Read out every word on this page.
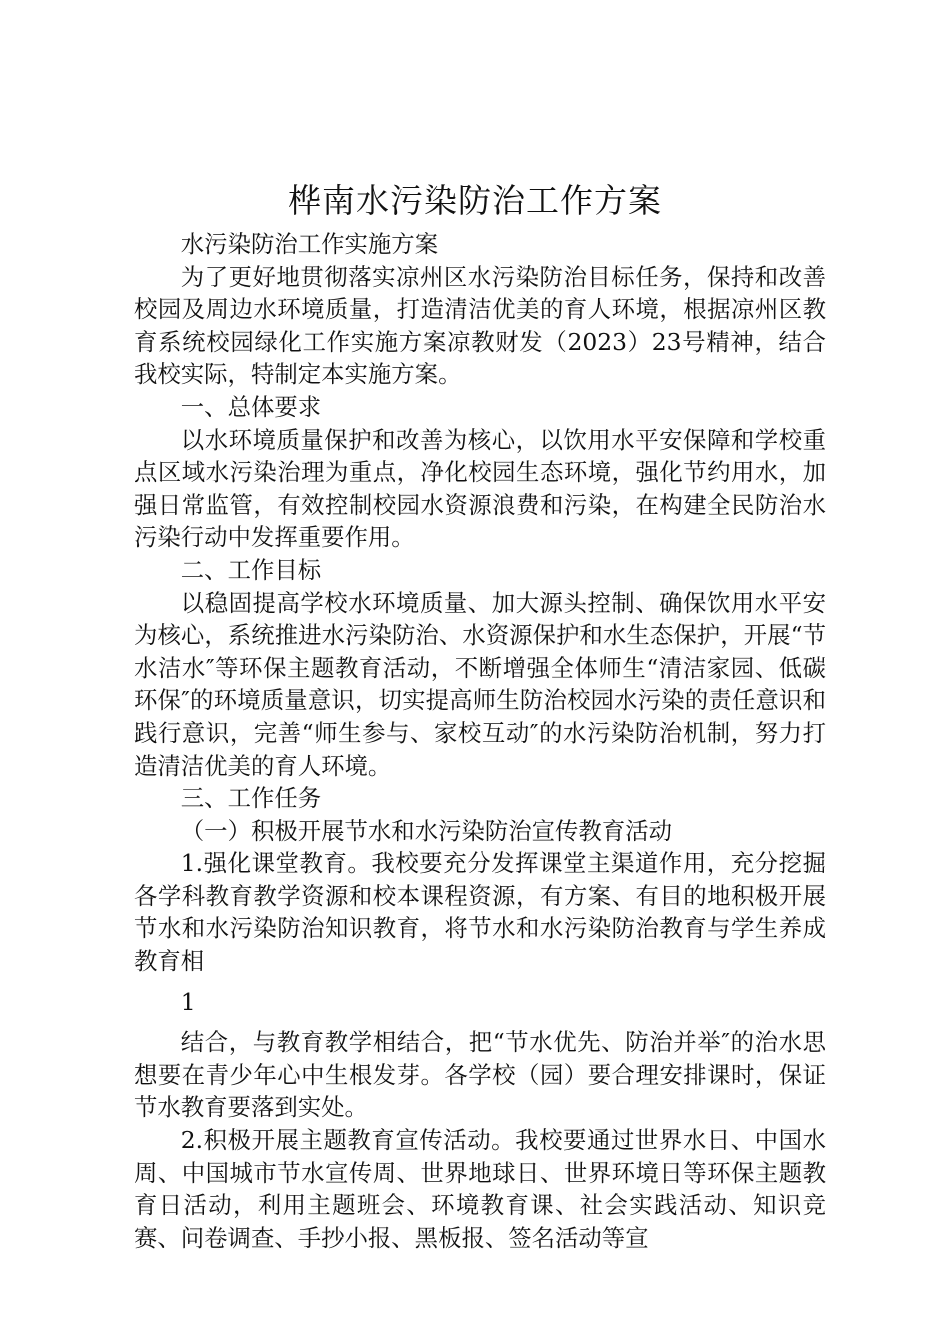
桦南水污染防治工作方案

水污染防治工作实施方案

为了更好地贯彻落实凉州区水污染防治目标任务，保持和改善校园及周边水环境质量，打造清洁优美的育人环境，根据凉州区教育系统校园绿化工作实施方案凉教财发（2023）23号精神，结合我校实际，特制定本实施方案。

一、总体要求

以水环境质量保护和改善为核心，以饮用水平安保障和学校重点区域水污染治理为重点，净化校园生态环境，强化节约用水，加强日常监管，有效控制校园水资源浪费和污染，在构建全民防治水污染行动中发挥重要作用。

二、工作目标

以稳固提高学校水环境质量、加大源头控制、确保饮用水平安为核心，系统推进水污染防治、水资源保护和水生态保护，开展“节水洁水″等环保主题教育活动，不断增强全体师生“清洁家园、低碳环保″的环境质量意识，切实提高师生防治校园水污染的责任意识和践行意识，完善“师生参与、家校互动″的水污染防治机制，努力打造清洁优美的育人环境。

三、工作任务

（一）积极开展节水和水污染防治宣传教育活动

1.强化课堂教育。我校要充分发挥课堂主渠道作用，充分挖掘各学科教育教学资源和校本课程资源，有方案、有目的地积极开展节水和水污染防治知识教育，将节水和水污染防治教育与学生养成教育相

1

结合，与教育教学相结合，把“节水优先、防治并举″的治水思想要在青少年心中生根发芽。各学校（园）要合理安排课时，保证节水教育要落到实处。

2.积极开展主题教育宣传活动。我校要通过世界水日、中国水周、中国城市节水宣传周、世界地球日、世界环境日等环保主题教育日活动，利用主题班会、环境教育课、社会实践活动、知识竞赛、问卷调查、手抄小报、黑板报、签名活动等宣
